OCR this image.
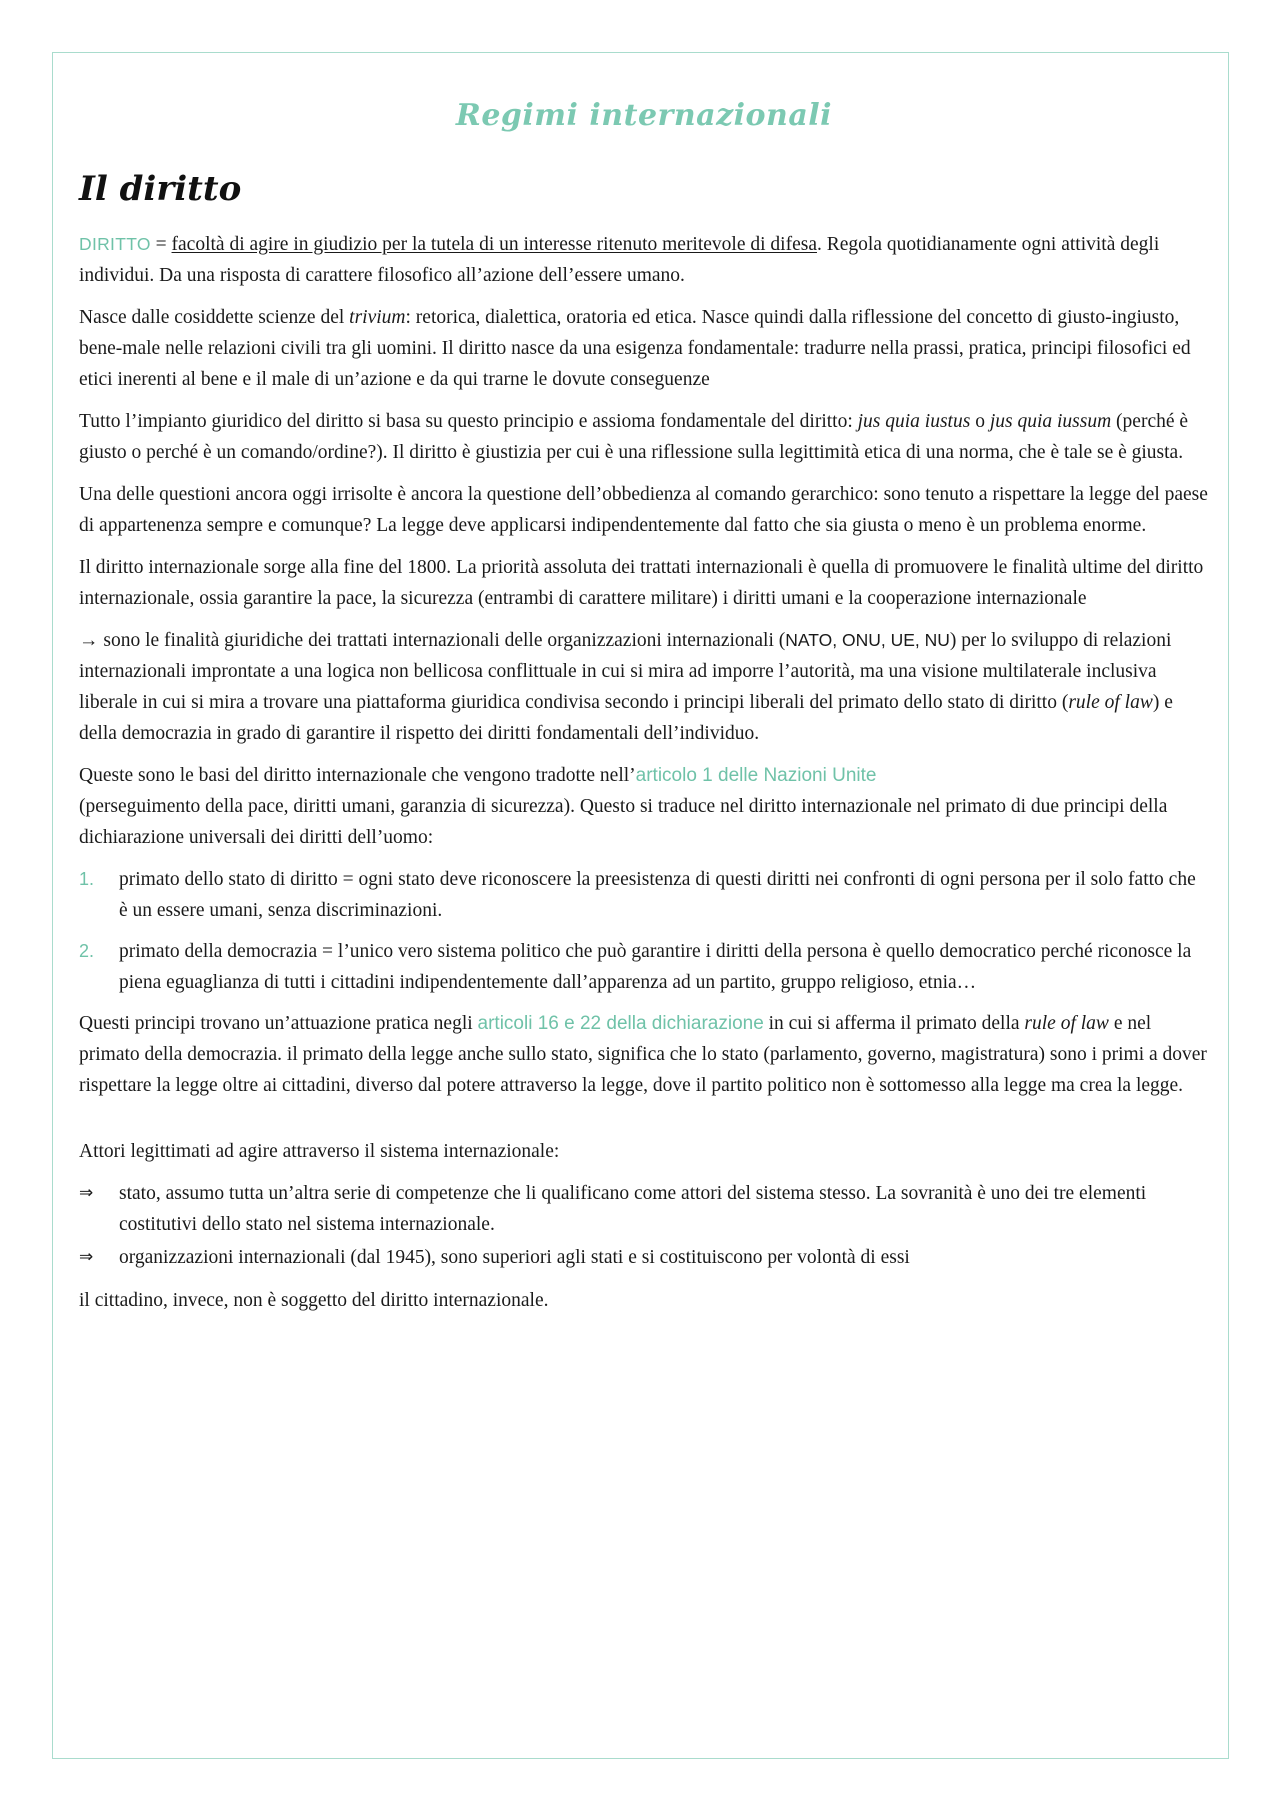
Regimi internazionali
Il diritto

DIRITTO = facoltà di agire in giudizio per la tutela di un interesse ritenuto meritevole di difesa. Regola quotidianamente ogni attività degli individui. Da una risposta di carattere filosofico all’azione dell’essere umano.

Nasce dalle cosiddette scienze del trivium: retorica, dialettica, oratoria ed etica. Nasce quindi dalla riflessione del concetto di giusto-ingiusto, bene-male nelle relazioni civili tra gli uomini. Il diritto nasce da una esigenza fondamentale: tradurre nella prassi, pratica, principi filosofici ed etici inerenti al bene e il male di un’azione e da qui trarne le dovute conseguenze

Tutto l’impianto giuridico del diritto si basa su questo principio e assioma fondamentale del diritto: jus quia iustus o jus quia iussum (perché è giusto o perché è un comando/ordine?). Il diritto è giustizia per cui è una riflessione sulla legittimità etica di una norma, che è tale se è giusta.

Una delle questioni ancora oggi irrisolte è ancora la questione dell’obbedienza al comando gerarchico: sono tenuto a rispettare la legge del paese di appartenenza sempre e comunque? La legge deve applicarsi indipendentemente dal fatto che sia giusta o meno è un problema enorme.

Il diritto internazionale sorge alla fine del 1800. La priorità assoluta dei trattati internazionali è quella di promuovere le finalità ultime del diritto internazionale, ossia garantire la pace, la sicurezza (entrambi di carattere militare) i diritti umani e la cooperazione internazionale

→ sono le finalità giuridiche dei trattati internazionali delle organizzazioni internazionali (NATO, ONU, UE, NU) per lo sviluppo di relazioni internazionali improntate a una logica non bellicosa conflittuale in cui si mira ad imporre l’autorità, ma una visione multilaterale inclusiva liberale in cui si mira a trovare una piattaforma giuridica condivisa secondo i principi liberali del primato dello stato di diritto (rule of law) e della democrazia in grado di garantire il rispetto dei diritti fondamentali dell’individuo.

Queste sono le basi del diritto internazionale che vengono tradotte nell’articolo 1 delle Nazioni Unite
(perseguimento della pace, diritti umani, garanzia di sicurezza). Questo si traduce nel diritto internazionale nel primato di due principi della dichiarazione universali dei diritti dell’uomo:

1. primato dello stato di diritto = ogni stato deve riconoscere la preesistenza di questi diritti nei confronti di ogni persona per il solo fatto che è un essere umani, senza discriminazioni.
2. primato della democrazia = l’unico vero sistema politico che può garantire i diritti della persona è quello democratico perché riconosce la piena eguaglianza di tutti i cittadini indipendentemente dall’apparenza ad un partito, gruppo religioso, etnia…

Questi principi trovano un’attuazione pratica negli articoli 16 e 22 della dichiarazione in cui si afferma il primato della rule of law e nel primato della democrazia. il primato della legge anche sullo stato, significa che lo stato (parlamento, governo, magistratura) sono i primi a dover rispettare la legge oltre ai cittadini, diverso dal potere attraverso la legge, dove il partito politico non è sottomesso alla legge ma crea la legge.

Attori legittimati ad agire attraverso il sistema internazionale:

⇒ stato, assumo tutta un’altra serie di competenze che li qualificano come attori del sistema stesso. La sovranità è uno dei tre elementi costitutivi dello stato nel sistema internazionale.
⇒ organizzazioni internazionali (dal 1945), sono superiori agli stati e si costituiscono per volontà di essi

il cittadino, invece, non è soggetto del diritto internazionale.
